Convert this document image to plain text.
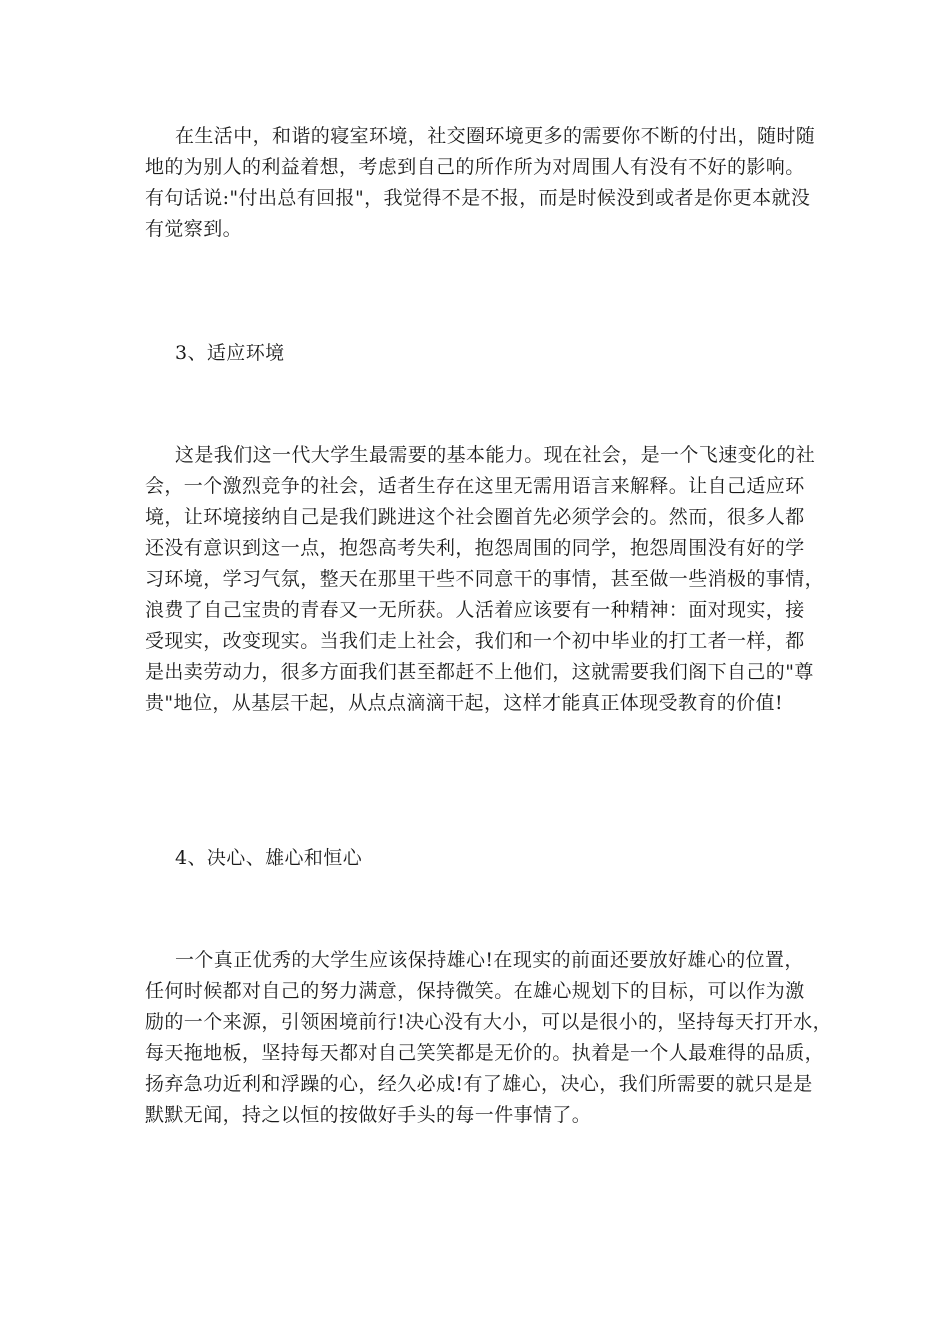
在生活中，和谐的寝室环境，社交圈环境更多的需要你不断的付出，随时随
地的为别人的利益着想，考虑到自己的所作所为对周围人有没有不好的影响。
有句话说:"付出总有回报"，我觉得不是不报，而是时候没到或者是你更本就没
有觉察到。

3、适应环境

这是我们这一代大学生最需要的基本能力。现在社会，是一个飞速变化的社
会，一个激烈竞争的社会，适者生存在这里无需用语言来解释。让自己适应环
境，让环境接纳自己是我们跳进这个社会圈首先必须学会的。然而，很多人都
还没有意识到这一点，抱怨高考失利，抱怨周围的同学，抱怨周围没有好的学
习环境，学习气氛，整天在那里干些不同意干的事情，甚至做一些消极的事情，
浪费了自己宝贵的青春又一无所获。人活着应该要有一种精神：面对现实，接
受现实，改变现实。当我们走上社会，我们和一个初中毕业的打工者一样，都
是出卖劳动力，很多方面我们甚至都赶不上他们，这就需要我们阁下自己的"尊
贵"地位，从基层干起，从点点滴滴干起，这样才能真正体现受教育的价值!

4、决心、雄心和恒心

一个真正优秀的大学生应该保持雄心!在现实的前面还要放好雄心的位置，
任何时候都对自己的努力满意，保持微笑。在雄心规划下的目标，可以作为激
励的一个来源，引领困境前行!决心没有大小，可以是很小的，坚持每天打开水，
每天拖地板，坚持每天都对自己笑笑都是无价的。执着是一个人最难得的品质，
扬弃急功近利和浮躁的心，经久必成!有了雄心，决心，我们所需要的就只是是
默默无闻，持之以恒的按做好手头的每一件事情了。
